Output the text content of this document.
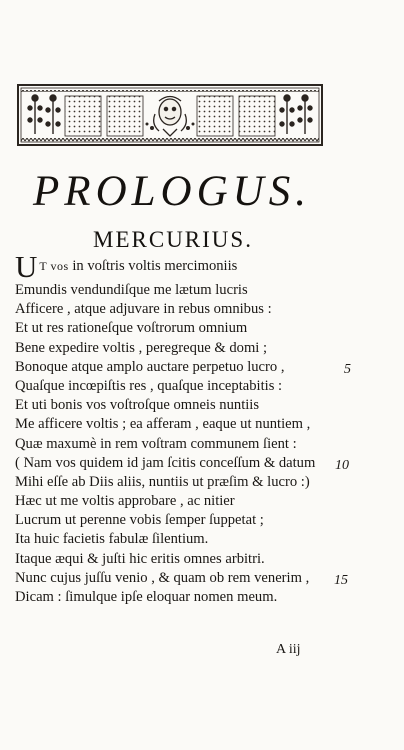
PROLOGUS.
MERCURIUS.
U T vos in voſtris voltis mercimoniis
Emundis vendundiſque me lætum lucris
Afficere , atque adjuvare in rebus omnibus :
Et ut res rationeſque voſtrorum omnium
Bene expedire voltis , peregreque & domi ;
Bonoque atque amplo auctare perpetuo lucro ,
Quaſque incœpiſtis res , quaſque inceptabitis :
Et uti bonis vos voſtroſque omneis nuntiis
Me afficere voltis ; ea afferam , eaque ut nuntiem ,
Quæ maxumè in rem voſtram communem ſient :
( Nam vos quidem id jam ſcitis conceſſum & datum
Mihi eſſe ab Diis aliis, nuntiis ut præſim & lucro :)
Hæc ut me voltis approbare , ac nitier
Lucrum ut perenne vobis ſemper ſuppetat ;
Ita huic facietis fabulæ ſilentium.
Itaque æqui & juſti hic eritis omnes arbitri.
Nunc cujus juſſu venio , & quam ob rem venerim ,
Dicam : ſimulque ipſe eloquar nomen meum.
5
10
15
A iij
